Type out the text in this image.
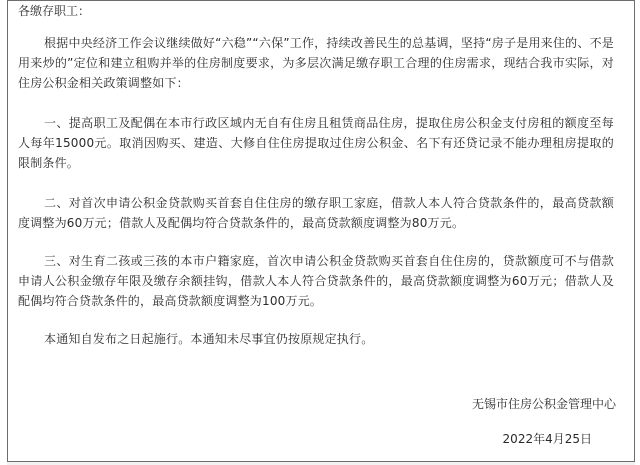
各缴存职工：

根据中央经济工作会议继续做好“六稳”“六保”工作，持续改善民生的总基调，坚持“房子是用来住的、不是用来炒的”定位和建立租购并举的住房制度要求，为多层次满足缴存职工合理的住房需求，现结合我市实际，对住房公积金相关政策调整如下：

一、提高职工及配偶在本市行政区域内无自有住房且租赁商品住房，提取住房公积金支付房租的额度至每人每年15000元。取消因购买、建造、大修自住住房提取过住房公积金、名下有还贷记录不能办理租房提取的限制条件。

二、对首次申请公积金贷款购买首套自住住房的缴存职工家庭，借款人本人符合贷款条件的，最高贷款额度调整为60万元；借款人及配偶均符合贷款条件的，最高贷款额度调整为80万元。

三、对生育二孩或三孩的本市户籍家庭，首次申请公积金贷款购买首套自住住房的，贷款额度可不与借款申请人公积金缴存年限及缴存余额挂钩，借款人本人符合贷款条件的，最高贷款额度调整为60万元；借款人及配偶均符合贷款条件的，最高贷款额度调整为100万元。

本通知自发布之日起施行。本通知未尽事宜仍按原规定执行。

无锡市住房公积金管理中心
2022年4月25日
